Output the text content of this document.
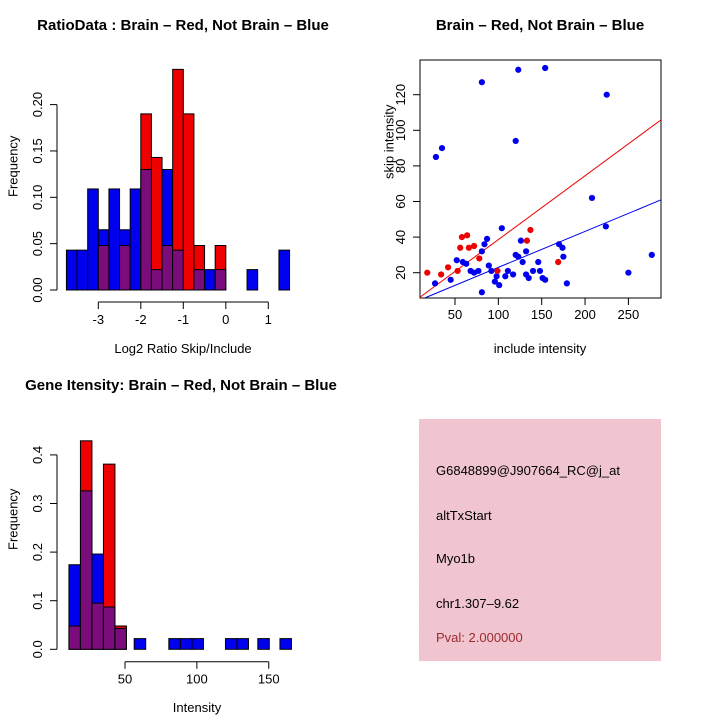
-3 -2 -1	0	1
0.00
0.05
0.10
0.15
0.20
50 100 150 200 250
20
40
60
80
100
120
50	100	150
0.0
0.1
0.2
0.3
0.4
RatioData : Brain – Red, Not Brain – Blue	Brain – Red, Not Brain – Blue
Gene Itensity: Brain – Red, Not Brain – Blue
Log2 Ratio Skip/Include	include intensity
Intensity
Frequency	skip intensity
Frequency
G6848899@J907664_RC@j_at
altTxStart
Myo1b
chr1.307–9.62
Pval: 2.000000
